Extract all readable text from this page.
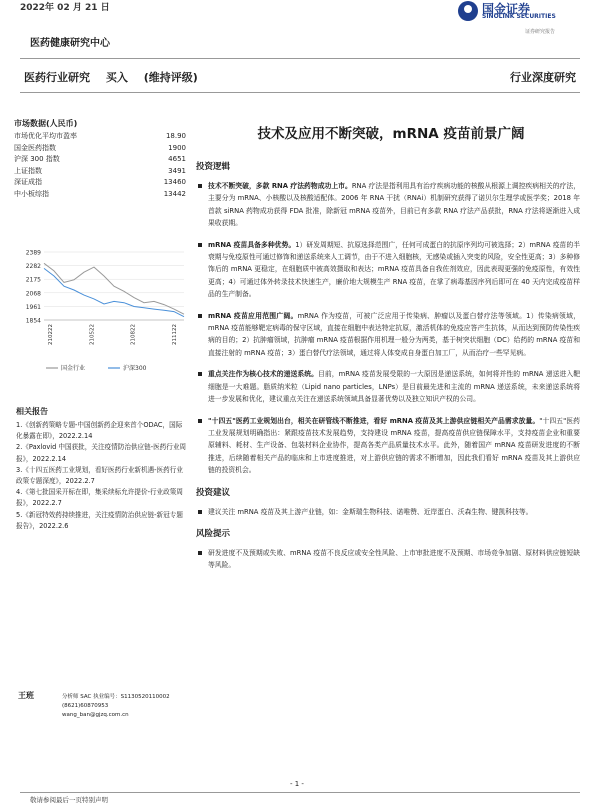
2022年 02 月 21 日	国金证券
SINOLINK SECURITIES
证券研究报告
医药健康研究中心
医药行业研究 买入 (维持评级)	行业深度研究
市场数据(人民币)
市场优化平均市盈率	18.90
国金医药指数	1900
沪深 300 指数	4651
上证指数	3491
深证成指	13460
中小板综指	13442
2389
2282
2175
2068
1961
1854
210222	210522	210822	211122
国金行业	沪深300
相关报告

1.《创新药策略专题-中国创新药企迎来首个ODAC，国际化暴露在即》，2022.2.14

2.《Paxlovid 中国获批，关注疫情防治供应链-医药行业周报》，2022.2.14

3.《十四五医药工业规划，看好医药行业新机遇-医药行业政策专题深度》，2022.2.7

4.《第七批国采开标在即，集采续标允许提价-行业政策周报》，2022.2.7

5.《新冠特效药持续推进，关注疫情防治供应链-新冠专题报告》，2022.2.6

王班	分析师 SAC 执业编号：S1130520110002
(8621)60870953
wang_ban@gjzq.com.cn
技术及应用不断突破，mRNA 疫苗前景广阔
投资逻辑
技术不断突破，多款 RNA 疗法药物成功上市。RNA 疗法是指利用具有治疗疾病功能的核酸从根源上调控疾病相关的疗法，主要分为 mRNA、小核酸以及核酸适配体。2006 年 RNA 干扰（RNAi）机制研究获得了诺贝尔生理学或医学奖；2018 年首款 siRNA 药物成功获得 FDA 批准，除新冠 mRNA 疫苗外，目前已有多款 RNA 疗法产品获批，RNA 疗法将逐渐进入成果收获期。
mRNA 疫苗具备多种优势。1）研发周期短、抗原选择范围广，任何可成蛋白的抗原序列均可被选择；2）mRNA 疫苗的半衰期与免疫原性可通过修饰和递送系统来人工调节，由于不进入细胞核，无感染或插入突变的风险，安全性更高；3）多种修饰后的 mRNA 更稳定，在细胞质中被高效摄取和表达；mRNA 疫苗具备自我佐剂效应，因此表现更强的免疫原性，有效性更高；4）可通过体外转录技术快速生产，廉价地大规模生产 RNA 疫苗，在掌了病毒基因序列后即可在 40 天内完成疫苗样品的生产制备。
mRNA 疫苗应用范围广阔。mRNA 作为疫苗，可被广泛应用于传染病、肿瘤以及蛋白替疗法等领域。1）传染病领域，mRNA 疫苗能够靶定病毒的保守区域，直接在细胞中表达特定抗原，激活机体的免疫应答产生抗体，从而达到预防传染性疾病的目的；2）抗肿瘤领域，抗肿瘤 mRNA 疫苗根据作用机理一般分为两类，基于树突状细胞（DC）给药的 mRNA 疫苗和直接注射的 mRNA 疫苗；3）蛋白替代疗法领域，通过将人体变成自身蛋白加工厂，从而治疗一些罕见病。
重点关注作为核心技术的递送系统。目前，mRNA 疫苗发展受限的一大原因是递送系统，如何将并性的 mRNA 递送进入靶细胞是一大难题。脂质纳米粒（Lipid nano particles，LNPs）是目前最先进和主流的 mRNA 递送系统，未来递送系统将进一步发展和优化，建议重点关注在递送系统领域具备显著优势以及独立知识产权的公司。
"十四五"医药工业规划出台，相关在研管线不断推进，看好 mRNA 疫苗及其上游供应链相关产品需求放量。"十四五"医药工业发展规划明确指出：紧跟疫苗技术发展趋势，支持建设 mRNA 疫苗，提高疫苗供应链保障水平，支持疫苗企业和重要原辅料、耗材、生产设备、包装材料企业协作，提高各类产品质量技术水平。此外，随着国产 mRNA 疫苗研发进度的不断推进，后续随着相关产品的临床和上市进度推进，对上游供应链的需求不断增加，因此我们看好 mRNA 疫苗及其上游供应链的投资机会。
投资建议
建议关注 mRNA 疫苗及其上游产业链，如：金斯瑞生物科技、诺唯赞、近岸蛋白、沃森生物、键凯科技等。
风险提示
研发进度不及预期或失败、mRNA 疫苗不良反应或安全性风险、上市审批进度不及预期、市场竞争加剧、原材料供应链短缺等风险。
- 1 -
敬请参阅最后一页特别声明
